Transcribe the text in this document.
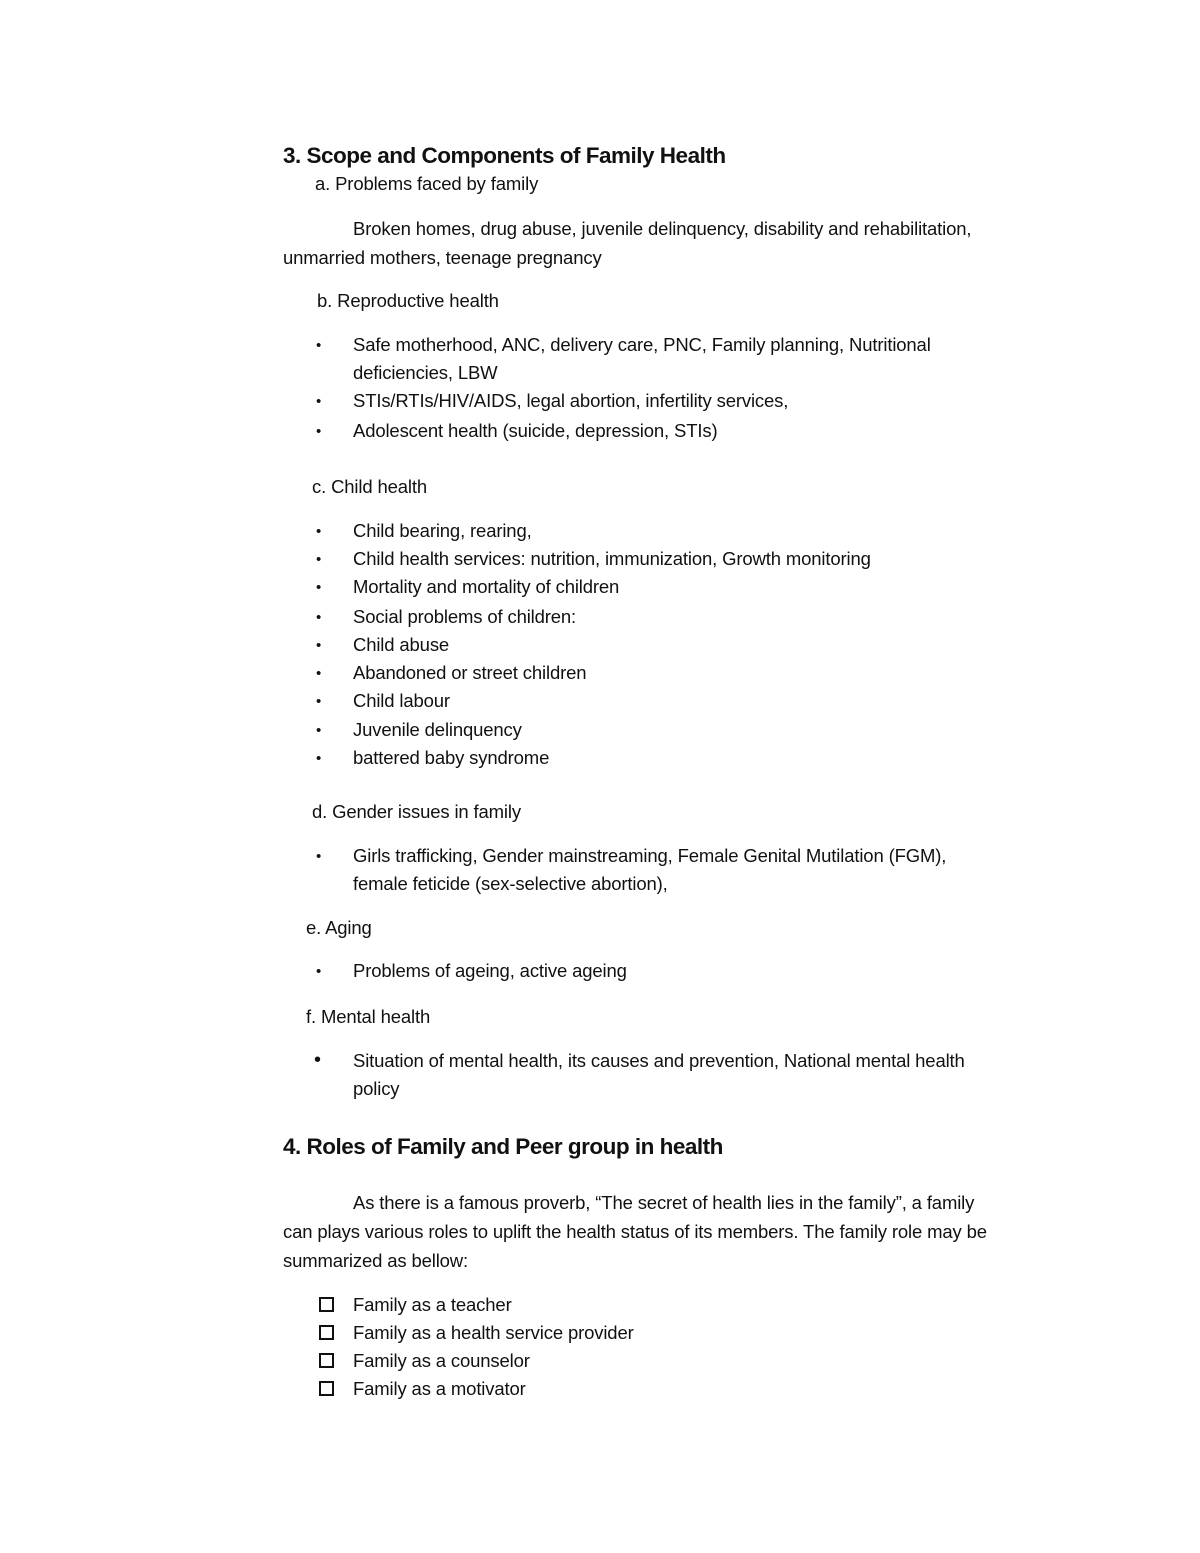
3. Scope and Components of Family Health
a. Problems faced by family
Broken homes, drug abuse, juvenile delinquency, disability and rehabilitation,
unmarried mothers, teenage pregnancy
b. Reproductive health
• Safe motherhood, ANC, delivery care, PNC, Family planning, Nutritional
deficiencies, LBW
• STIs/RTIs/HIV/AIDS, legal abortion, infertility services,
• Adolescent health (suicide, depression, STIs)
c. Child health
• Child bearing, rearing,
• Child health services: nutrition, immunization, Growth monitoring
• Mortality and mortality of children
• Social problems of children:
• Child abuse
• Abandoned or street children
• Child labour
• Juvenile delinquency
• battered baby syndrome
d. Gender issues in family
• Girls trafficking, Gender mainstreaming, Female Genital Mutilation (FGM),
female feticide (sex-selective abortion),
e. Aging
• Problems of ageing, active ageing
f. Mental health
• Situation of mental health, its causes and prevention, National mental health
policy
4. Roles of Family and Peer group in health
As there is a famous proverb, “The secret of health lies in the family”, a family
can plays various roles to uplift the health status of its members. The family role may be
summarized as bellow:
Family as a teacher
Family as a health service provider
Family as a counselor
Family as a motivator
